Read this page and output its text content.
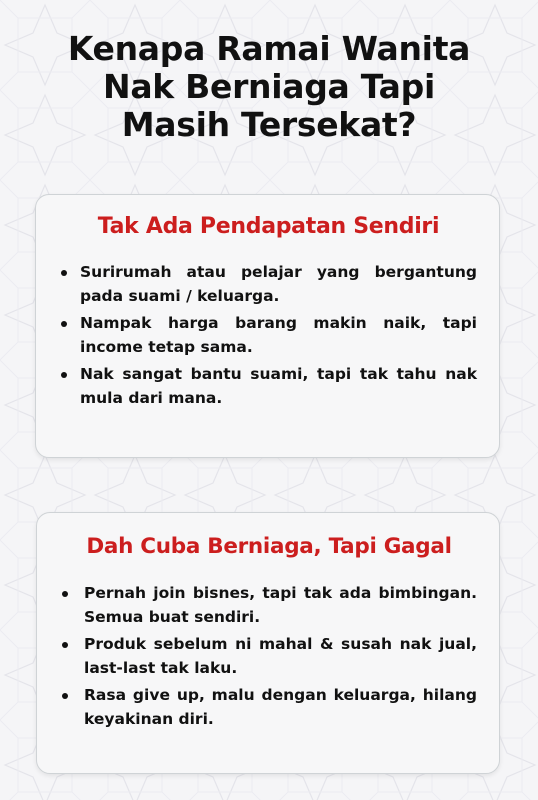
Kenapa Ramai Wanita
Nak Berniaga Tapi
Masih Tersekat?
Tak Ada Pendapatan Sendiri
Surirumah atau pelajar yang bergantung pada suami / keluarga.
Nampak harga barang makin naik, tapi income tetap sama.
Nak sangat bantu suami, tapi tak tahu nak mula dari mana.
Dah Cuba Berniaga, Tapi Gagal
Pernah join bisnes, tapi tak ada bimbingan. Semua buat sendiri.
Produk sebelum ni mahal & susah nak jual, last-last tak laku.
Rasa give up, malu dengan keluarga, hilang keyakinan diri.
